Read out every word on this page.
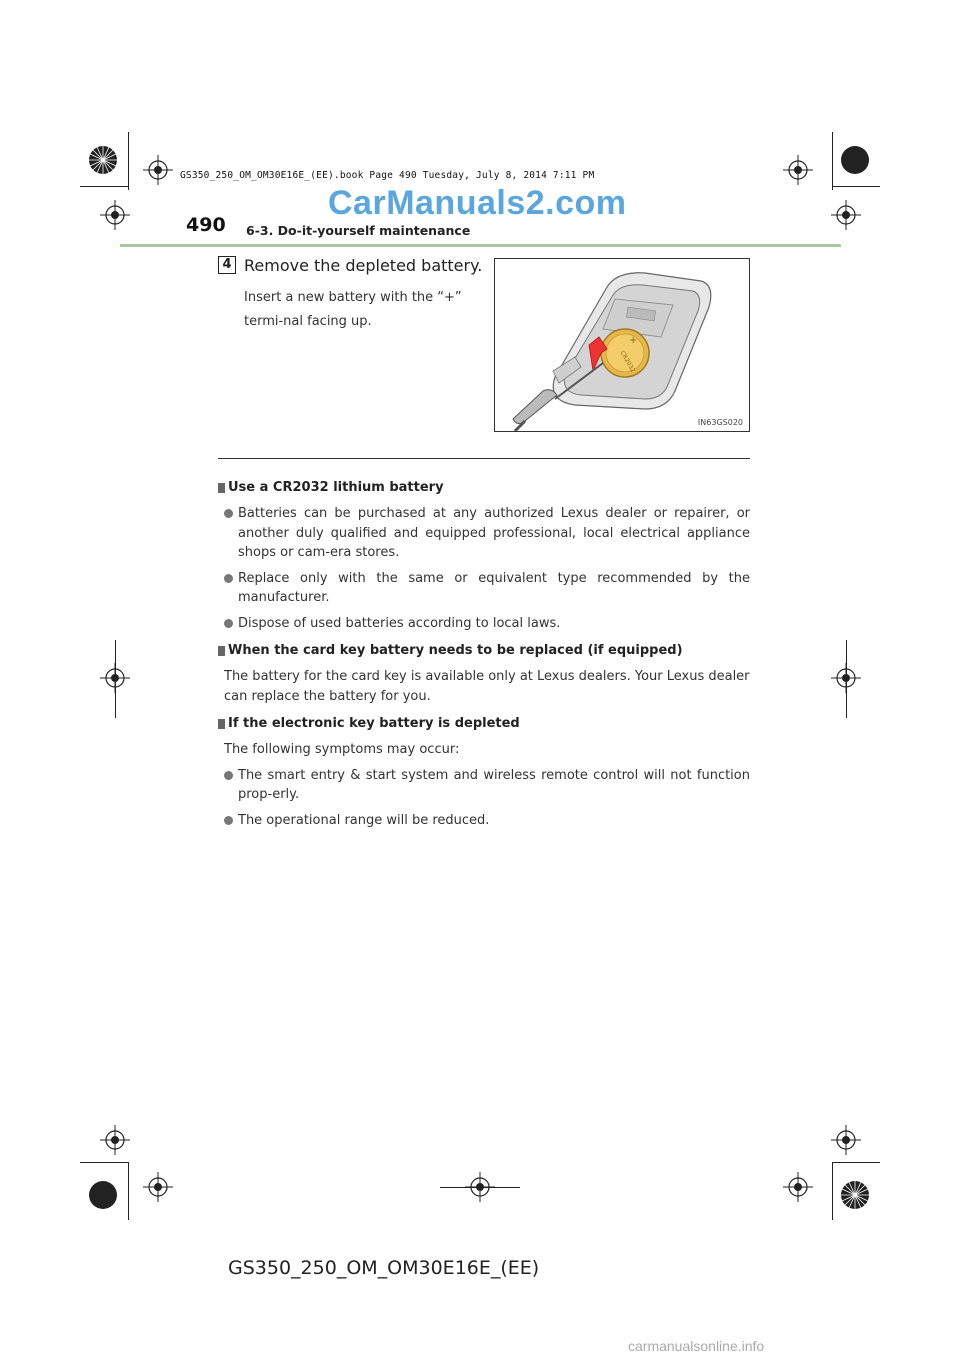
GS350_250_OM_OM30E16E_(EE).book Page 490 Tuesday, July 8, 2014 7:11 PM
CarManuals2.com
490 6-3. Do-it-yourself maintenance
4 Remove the depleted battery.
Insert a new battery with the “+” termi-nal facing up.
CR2032
+
IN63GS020
Use a CR2032 lithium battery
Batteries can be purchased at any authorized Lexus dealer or repairer, or another duly qualified and equipped professional, local electrical appliance shops or cam-era stores.
Replace only with the same or equivalent type recommended by the manufacturer.
Dispose of used batteries according to local laws.
When the card key battery needs to be replaced (if equipped)
The battery for the card key is available only at Lexus dealers. Your Lexus dealer can replace the battery for you.
If the electronic key battery is depleted
The following symptoms may occur:
The smart entry & start system and wireless remote control will not function prop-erly.
The operational range will be reduced.
GS350_250_OM_OM30E16E_(EE)
carmanualsonline.info
